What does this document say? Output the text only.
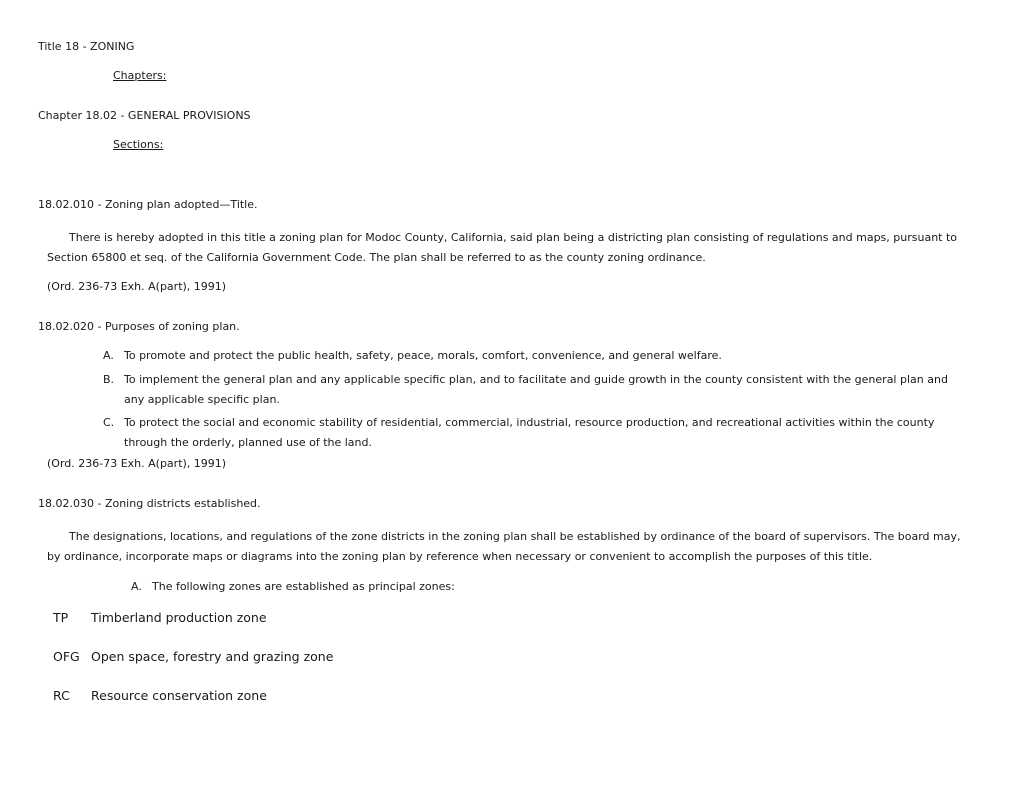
Title 18 - ZONING
Chapters:
Chapter 18.02 - GENERAL PROVISIONS
Sections:
18.02.010 - Zoning plan adopted—Title.
There is hereby adopted in this title a zoning plan for Modoc County, California, said plan being a districting plan consisting of regulations and maps, pursuant to Section 65800 et seq. of the California Government Code. The plan shall be referred to as the county zoning ordinance.
(Ord. 236-73 Exh. A(part), 1991)
18.02.020 - Purposes of zoning plan.
A. To promote and protect the public health, safety, peace, morals, comfort, convenience, and general welfare.
B. To implement the general plan and any applicable specific plan, and to facilitate and guide growth in the county consistent with the general plan and any applicable specific plan.
C. To protect the social and economic stability of residential, commercial, industrial, resource production, and recreational activities within the county through the orderly, planned use of the land.
(Ord. 236-73 Exh. A(part), 1991)
18.02.030 - Zoning districts established.
The designations, locations, and regulations of the zone districts in the zoning plan shall be established by ordinance of the board of supervisors. The board may, by ordinance, incorporate maps or diagrams into the zoning plan by reference when necessary or convenient to accomplish the purposes of this title.
A. The following zones are established as principal zones:
TP Timberland production zone
OFG Open space, forestry and grazing zone
RC Resource conservation zone
